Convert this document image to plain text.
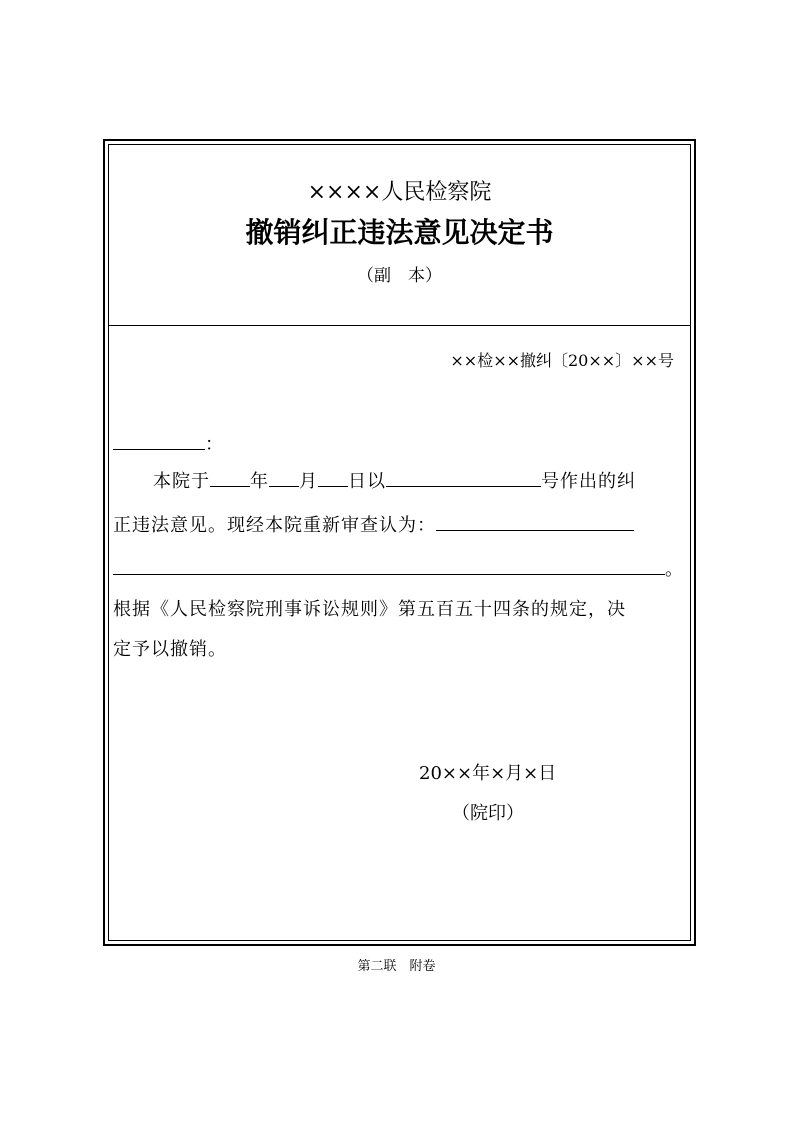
××××人民检察院
撤销纠正违法意见决定书
（副　本）
××检××撤纠〔20××〕××号
：
本院于 年 月 日以	号作出的纠
正违法意见。现经本院重新审查认为：
。
根据《人民检察院刑事诉讼规则》第五百五十四条的规定，决
定予以撤销。
20××年×月×日
（院印）
第二联　附卷
